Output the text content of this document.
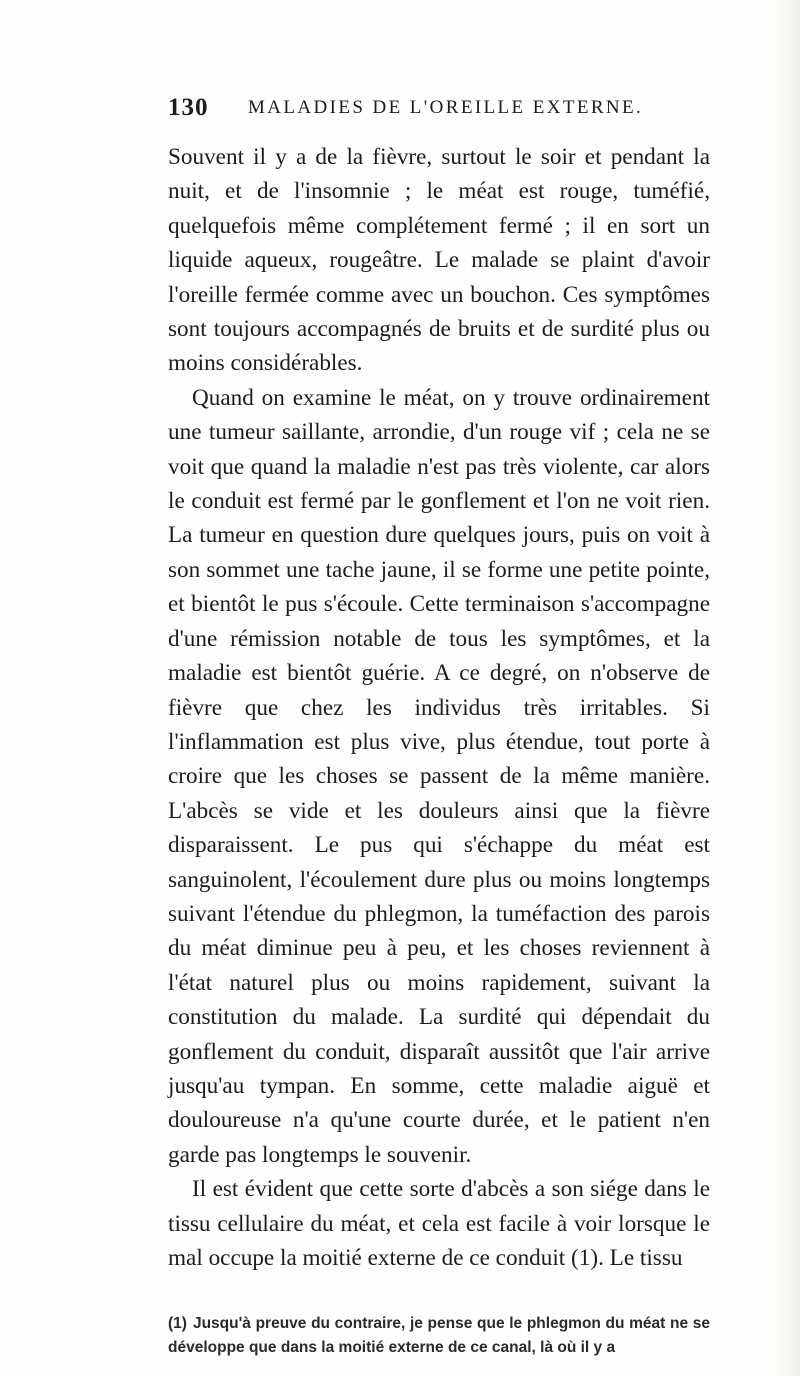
130 MALADIES DE L'OREILLE EXTERNE.

Souvent il y a de la fièvre, surtout le soir et pendant la nuit, et de l'insomnie ; le méat est rouge, tuméfié, quelquefois même complétement fermé ; il en sort un liquide aqueux, rougeâtre. Le malade se plaint d'avoir l'oreille fermée comme avec un bouchon. Ces symptômes sont toujours accompagnés de bruits et de surdité plus ou moins considérables.

Quand on examine le méat, on y trouve ordinairement une tumeur saillante, arrondie, d'un rouge vif ; cela ne se voit que quand la maladie n'est pas très violente, car alors le conduit est fermé par le gonflement et l'on ne voit rien. La tumeur en question dure quelques jours, puis on voit à son sommet une tache jaune, il se forme une petite pointe, et bientôt le pus s'écoule. Cette terminaison s'accompagne d'une rémission notable de tous les symptômes, et la maladie est bientôt guérie. A ce degré, on n'observe de fièvre que chez les individus très irritables. Si l'inflammation est plus vive, plus étendue, tout porte à croire que les choses se passent de la même manière. L'abcès se vide et les douleurs ainsi que la fièvre disparaissent. Le pus qui s'échappe du méat est sanguinolent, l'écoulement dure plus ou moins longtemps suivant l'étendue du phlegmon, la tuméfaction des parois du méat diminue peu à peu, et les choses reviennent à l'état naturel plus ou moins rapidement, suivant la constitution du malade. La surdité qui dépendait du gonflement du conduit, disparaît aussitôt que l'air arrive jusqu'au tympan. En somme, cette maladie aiguë et douloureuse n'a qu'une courte durée, et le patient n'en garde pas longtemps le souvenir.

Il est évident que cette sorte d'abcès a son siége dans le tissu cellulaire du méat, et cela est facile à voir lorsque le mal occupe la moitié externe de ce conduit (1). Le tissu

(1) Jusqu'à preuve du contraire, je pense que le phlegmon du méat ne se développe que dans la moitié externe de ce canal, là où il y a
